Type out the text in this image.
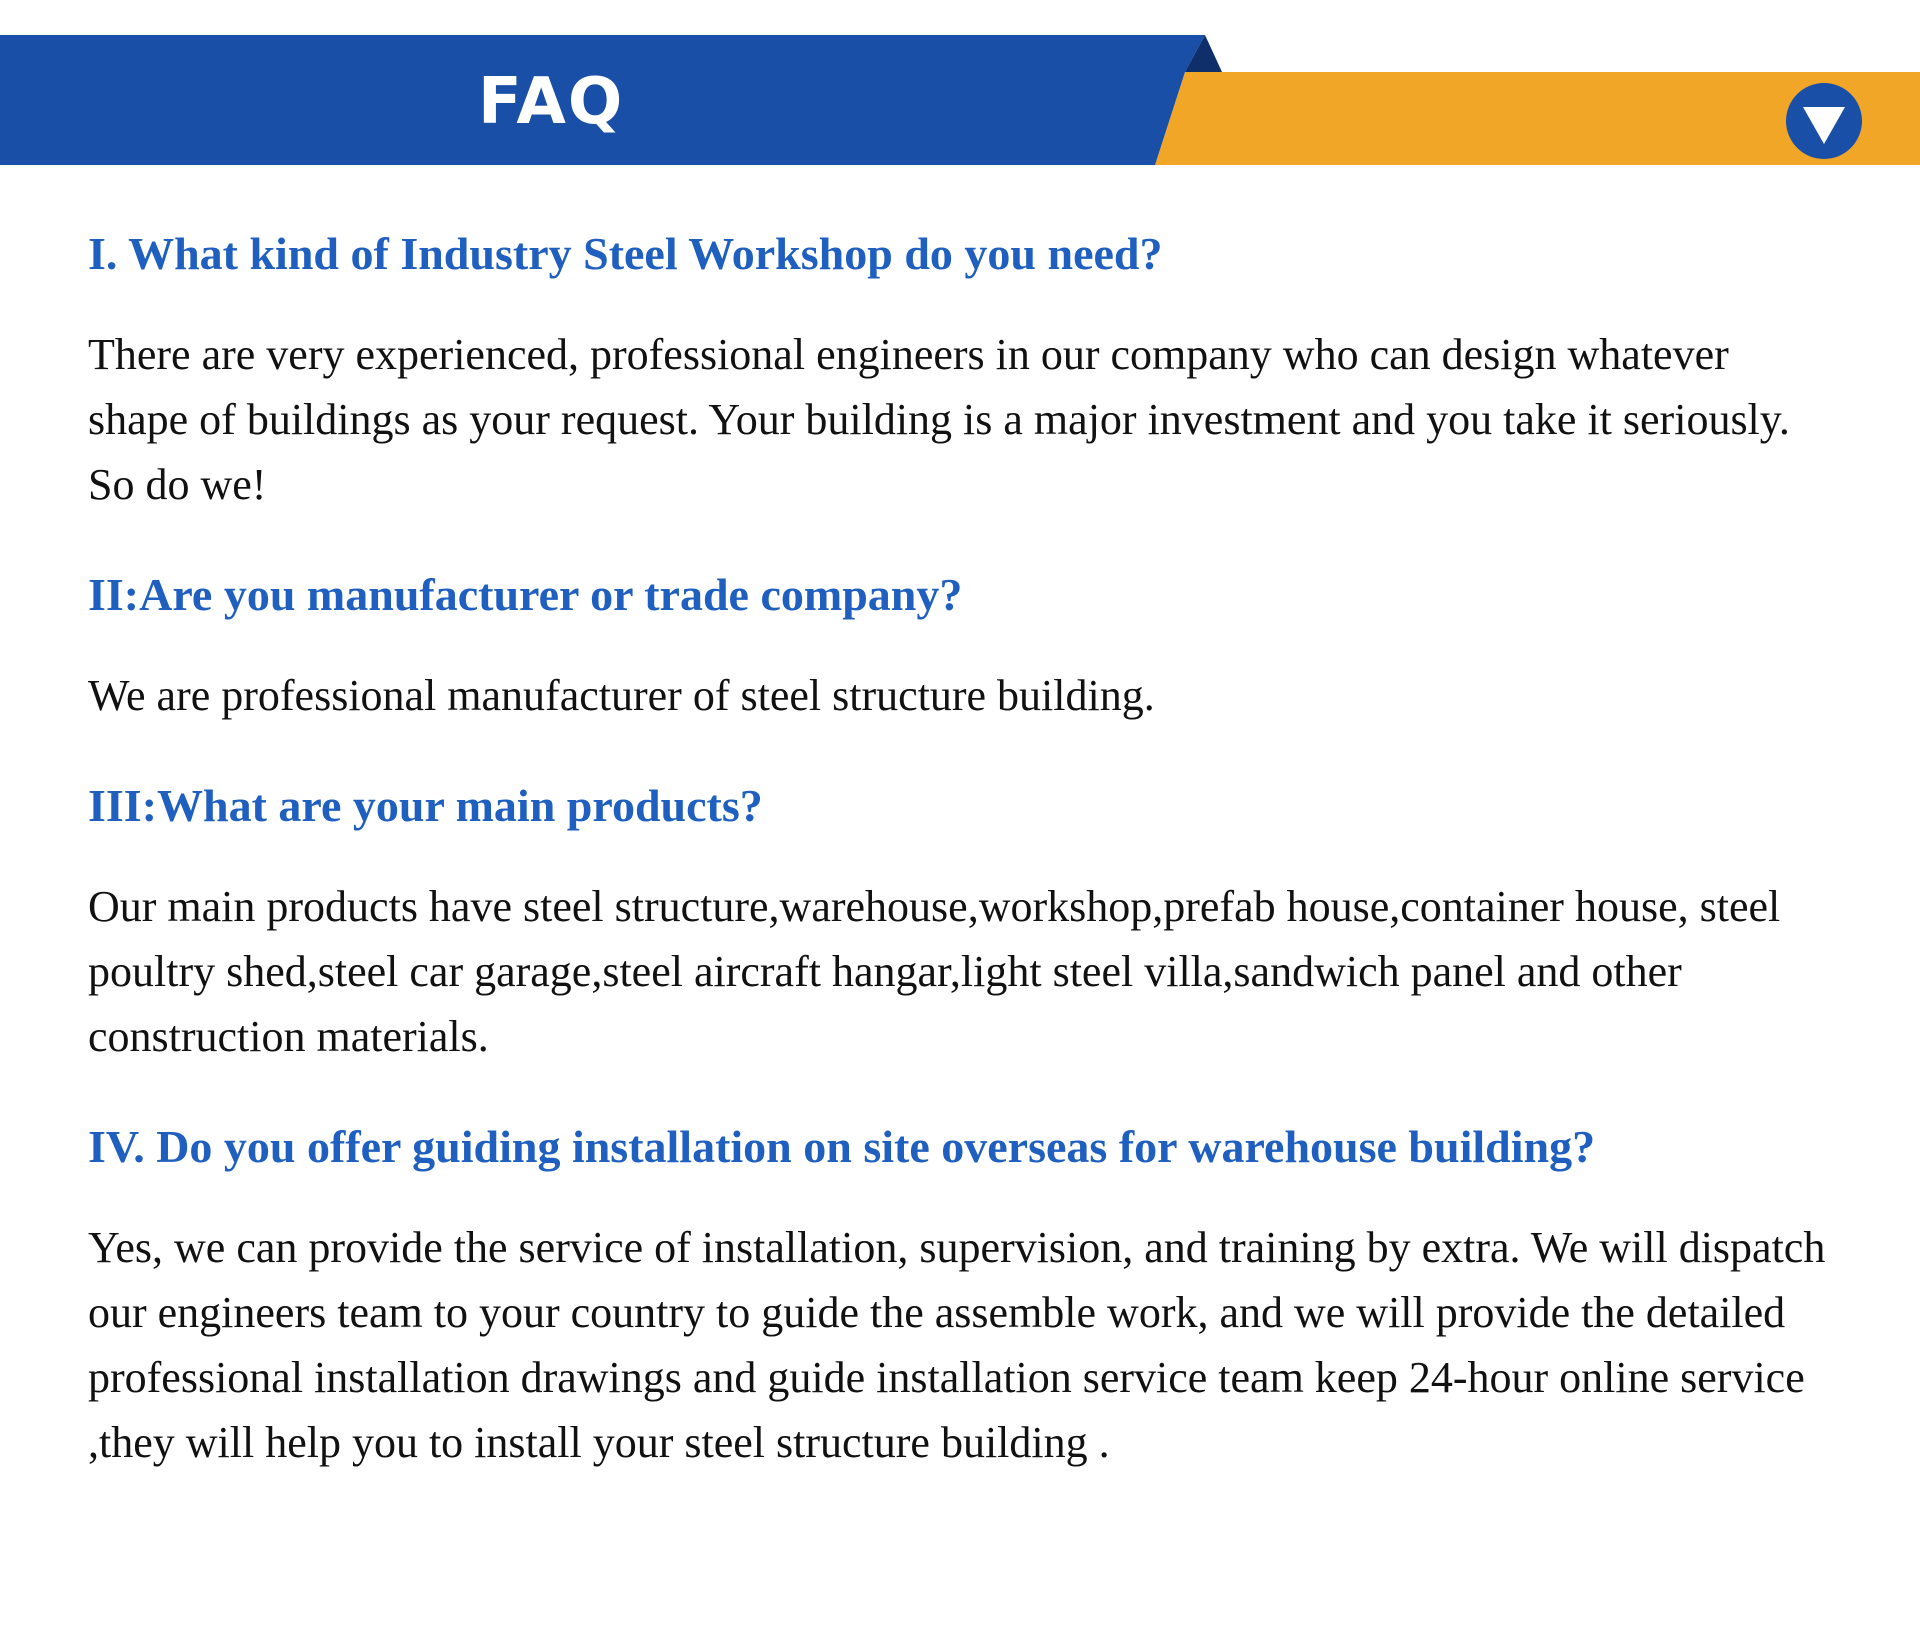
FAQ
I. What kind of Industry Steel Workshop do you need?

There are very experienced, professional engineers in our company who can design whatever shape of buildings as your request. Your building is a major investment and you take it seriously. So do we!

II:Are you manufacturer or trade company?

We are professional manufacturer of steel structure building.

III:What are your main products?

Our main products have steel structure,warehouse,workshop,prefab house,container house, steel poultry shed,steel car garage,steel aircraft hangar,light steel villa,sandwich panel and other construction materials.

IV. Do you offer guiding installation on site overseas for warehouse building?

Yes, we can provide the service of installation, supervision, and training by extra. We will dispatch our engineers team to your country to guide the assemble work, and we will provide the detailed professional installation drawings and guide installation service team keep 24-hour online service ,they will help you to install your steel structure building .
